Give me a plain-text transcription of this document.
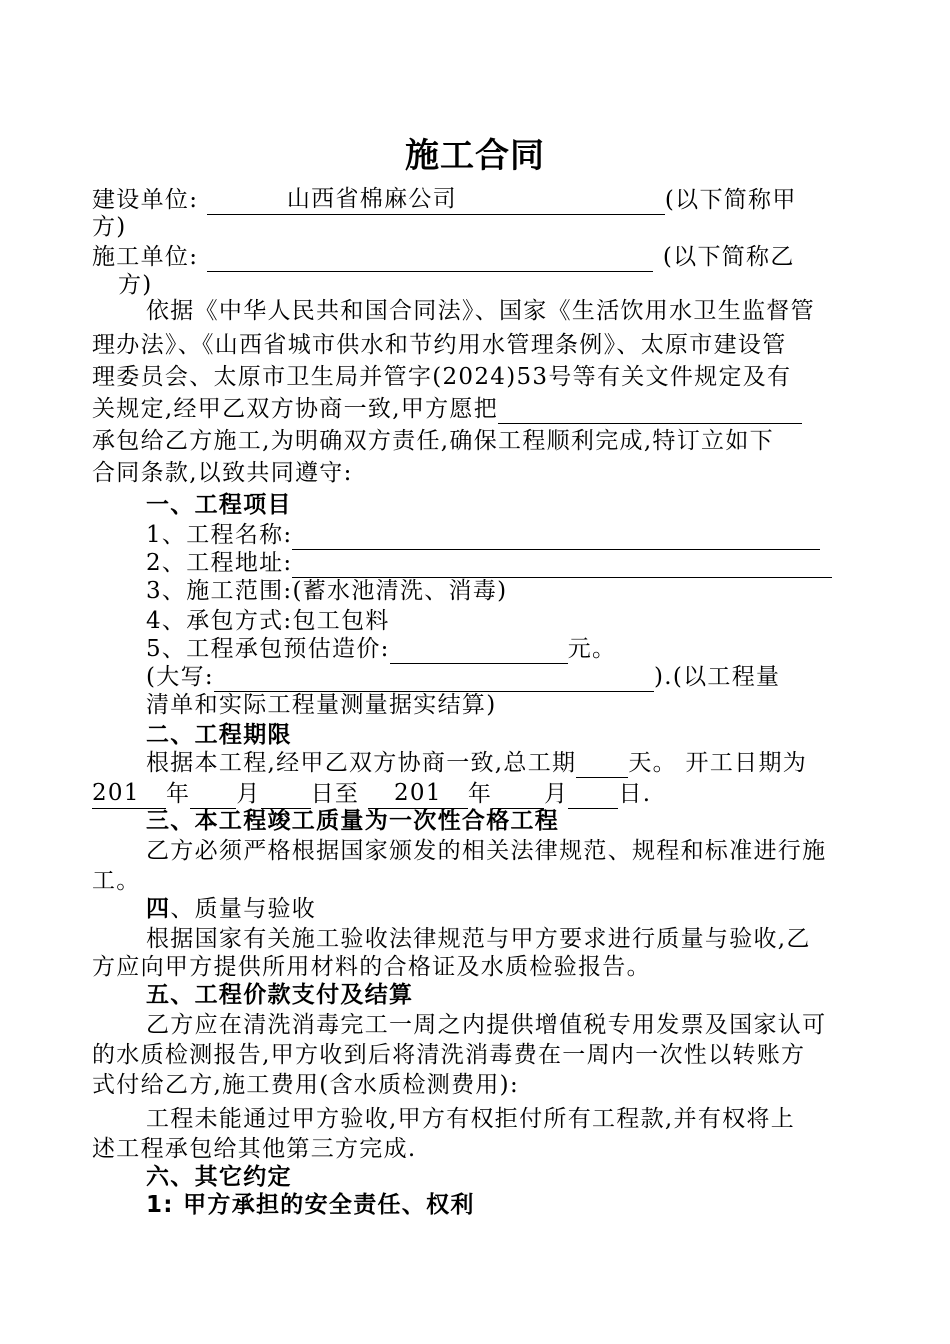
施工合同
建设单位:	山西省棉麻公司	(以下简称甲
方)
施工单位:	(以下简称乙
方)
依据《中华人民共和国合同法》、国家《生活饮用水卫生监督管
理办法》、《山西省城市供水和节约用水管理条例》、太原市建设管
理委员会、太原市卫生局并管字(2024)53号等有关文件规定及有
关规定,经甲乙双方协商一致,甲方愿把
承包给乙方施工,为明确双方责任,确保工程顺利完成,特订立如下
合同条款,以致共同遵守:
一、工程项目
1、工程名称:
2、工程地址:
3、施工范围:(蓄水池清洗、消毒)
4、承包方式:包工包料
5、工程承包预估造价:	元。
(大写:	).(以工程量
清单和实际工程量测量据实结算)
二、工程期限
根据本工程,经甲乙双方协商一致,总工期 天。 开工日期为
201 年 月 日至 201 年 月 日.
三、本工程竣工质量为一次性合格工程
乙方必须严格根据国家颁发的相关法律规范、规程和标准进行施
工。
四、质量与验收
根据国家有关施工验收法律规范与甲方要求进行质量与验收,乙
方应向甲方提供所用材料的合格证及水质检验报告。
五、工程价款支付及结算
乙方应在清洗消毒完工一周之内提供增值税专用发票及国家认可
的水质检测报告,甲方收到后将清洗消毒费在一周内一次性以转账方
式付给乙方,施工费用(含水质检测费用):
工程未能通过甲方验收,甲方有权拒付所有工程款,并有权将上
述工程承包给其他第三方完成.
六、其它约定
1: 甲方承担的安全责任、权利
